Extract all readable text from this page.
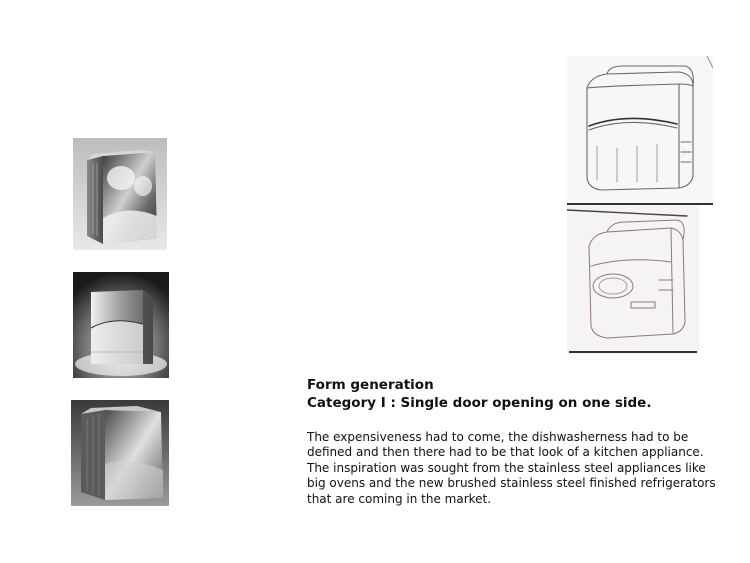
Form generation
Category I : Single door opening on one side.
The expensiveness had to come, the dishwasherness had to be defined and then there had to be that look of a kitchen appliance. The inspiration was sought from the stainless steel appliances like big ovens and the new brushed stainless steel finished refrigerators that are coming in the market.
